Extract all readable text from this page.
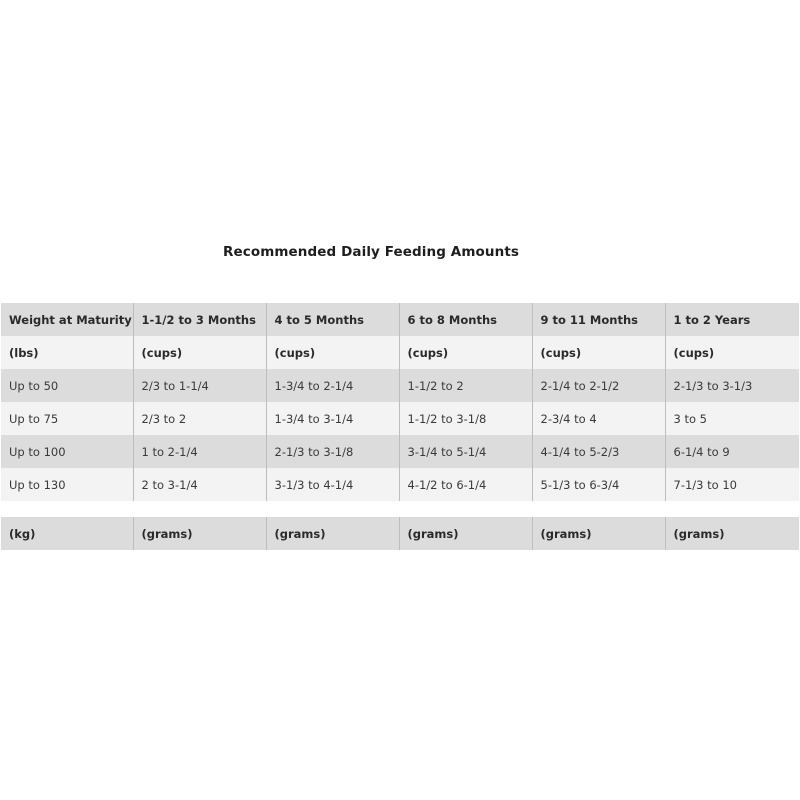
Recommended Daily Feeding Amounts
Weight at Maturity	1-1/2 to 3 Months	4 to 5 Months	6 to 8 Months	9 to 11 Months	1 to 2 Years
(lbs)	(cups)	(cups)	(cups)	(cups)	(cups)
Up to 50	2/3 to 1-1/4	1-3/4 to 2-1/4	1-1/2 to 2	2-1/4 to 2-1/2	2-1/3 to 3-1/3
Up to 75	2/3 to 2	1-3/4 to 3-1/4	1-1/2 to 3-1/8	2-3/4 to 4	3 to 5
Up to 100	1 to 2-1/4	2-1/3 to 3-1/8	3-1/4 to 5-1/4	4-1/4 to 5-2/3	6-1/4 to 9
Up to 130	2 to 3-1/4	3-1/3 to 4-1/4	4-1/2 to 6-1/4	5-1/3 to 6-3/4	7-1/3 to 10
(kg)	(grams)	(grams)	(grams)	(grams)	(grams)
